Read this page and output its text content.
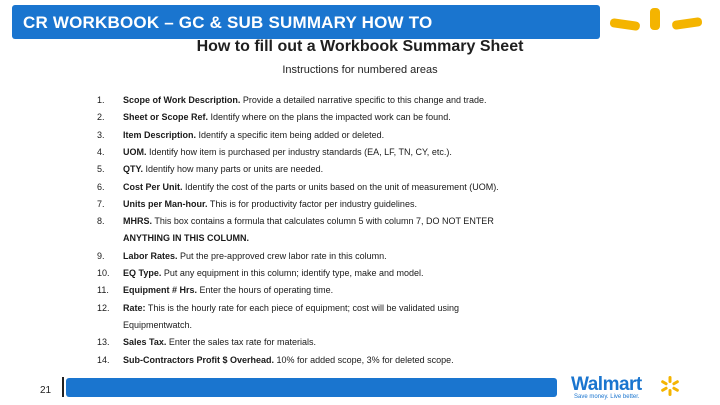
CR WORKBOOK – GC & SUB SUMMARY HOW TO
How to fill out a Workbook Summary Sheet
Instructions for numbered areas
1.	Scope of Work Description. Provide a detailed narrative specific to this change and trade.
2.	Sheet or Scope Ref. Identify where on the plans the impacted work can be found.
3.	Item Description. Identify a specific item being added or deleted.
4.	UOM. Identify how item is purchased per industry standards (EA, LF, TN, CY, etc.).
5.	QTY. Identify how many parts or units are needed.
6.	Cost Per Unit. Identify the cost of the parts or units based on the unit of measurement (UOM).
7.	Units per Man-hour. This is for productivity factor per industry guidelines.
8.	MHRS. This box contains a formula that calculates column 5 with column 7, DO NOT ENTER
ANYTHING IN THIS COLUMN.
9.	Labor Rates. Put the pre-approved crew labor rate in this column.
10.	EQ Type. Put any equipment in this column; identify type, make and model.
11.	Equipment # Hrs. Enter the hours of operating time.
12.	Rate: This is the hourly rate for each piece of equipment; cost will be validated using
Equipmentwatch.
13.	Sales Tax. Enter the sales tax rate for materials.
14.	Sub-Contractors Profit $ Overhead. 10% for added scope, 3% for deleted scope.
21	Walmart
Save money. Live better.
